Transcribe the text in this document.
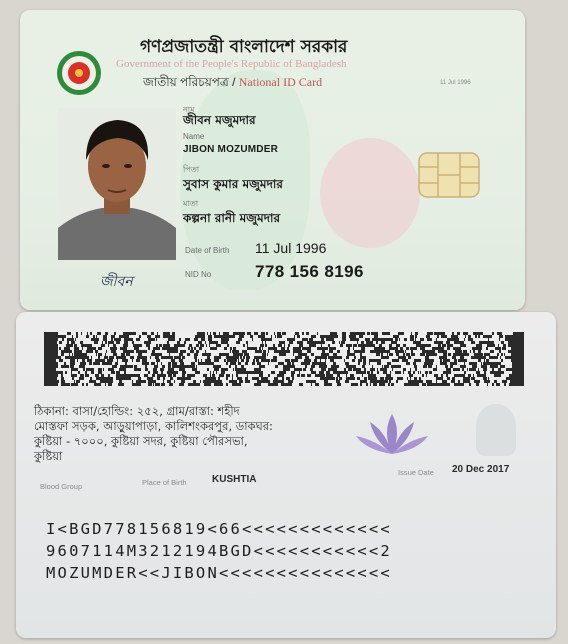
গণপ্রজাতন্ত্রী বাংলাদেশ সরকার
Government of the People's Republic of Bangladesh
জাতীয় পরিচয়পত্র / National ID Card	11 Jul 1996
নাম
জীবন মজুমদার
Name
JIBON MOZUMDER
পিতা
সুবাস কুমার মজুমদার
মাতা
কল্পনা রানী মজুমদার
Date of Birth 11 Jul 1996
NID No	778 156 8196
জীবন
ঠিকানা: বাসা/হোল্ডিং: ২৫২, গ্রাম/রাস্তা: শহীদ
মোস্তফা সড়ক, আড়ুয়াপাড়া, কালিশংকরপুর, ডাকঘর:
কুষ্টিয়া - ৭০০০, কুষ্টিয়া সদর, কুষ্টিয়া পৌরসভা,
কুষ্টিয়া
Blood Group	Place of Birth	KUSHTIA
Issue Date 20 Dec 2017
I<BGD778156819<66<<<<<<<<<<<<<
9607114M3212194BGD<<<<<<<<<<<2
MOZUMDER<<JIBON<<<<<<<<<<<<<<<
